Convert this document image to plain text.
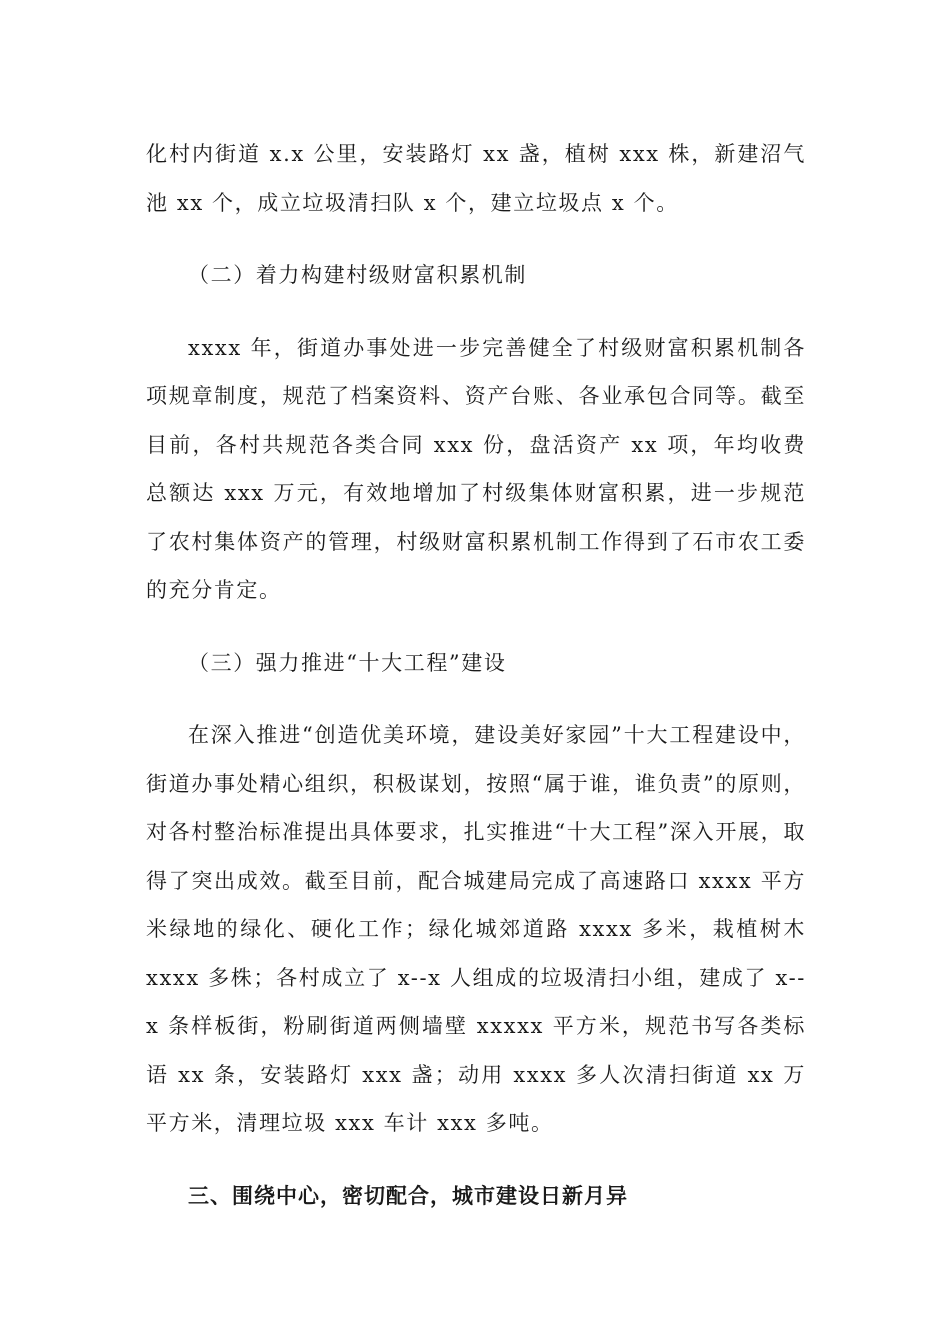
化村内街道 x.x 公里，安装路灯 xx 盏，植树 xxx 株，新建沼气池 xx 个，成立垃圾清扫队 x 个，建立垃圾点 x 个。

（二）着力构建村级财富积累机制

xxxx 年，街道办事处进一步完善健全了村级财富积累机制各项规章制度，规范了档案资料、资产台账、各业承包合同等。截至目前，各村共规范各类合同 xxx 份，盘活资产 xx 项，年均收费总额达 xxx 万元，有效地增加了村级集体财富积累，进一步规范了农村集体资产的管理，村级财富积累机制工作得到了石市农工委的充分肯定。

（三）强力推进“十大工程”建设

在深入推进“创造优美环境，建设美好家园”十大工程建设中，街道办事处精心组织，积极谋划，按照“属于谁，谁负责”的原则，对各村整治标准提出具体要求，扎实推进“十大工程”深入开展，取得了突出成效。截至目前，配合城建局完成了高速路口 xxxx 平方米绿地的绿化、硬化工作；绿化城郊道路 xxxx 多米，栽植树木 xxxx 多株；各村成立了 x--x 人组成的垃圾清扫小组，建成了 x--x 条样板街，粉刷街道两侧墙壁 xxxxx 平方米，规范书写各类标语 xx 条，安装路灯 xxx 盏；动用 xxxx 多人次清扫街道 xx 万平方米，清理垃圾 xxx 车计 xxx 多吨。

三、围绕中心，密切配合，城市建设日新月异
